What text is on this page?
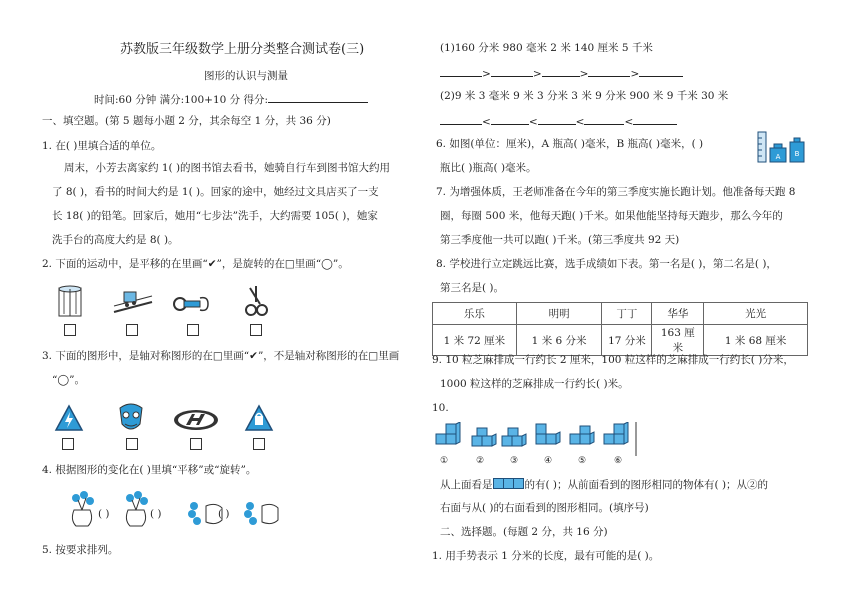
苏教版三年级数学上册分类整合测试卷(三)
图形的认识与测量
时间:60 分钟 满分:100+10 分 得分:
一、填空题。(第 5 题每小题 2 分，其余每空 1 分，共 36 分)
1. 在( )里填合适的单位。
周末，小芳去离家约 1( )的图书馆去看书，她骑自行车到图书馆大约用
了 8( )，看书的时间大约是 1( )。回家的途中，她经过文具店买了一支
长 18( )的铅笔。回家后，她用“七步法”洗手，大约需要 105( )，她家
洗手台的高度大约是 8( )。
2. 下面的运动中，是平移的在里画“✔”，是旋转的在□里画“◯”。
3. 下面的图形中，是轴对称图形的在□里画“✔”，不是轴对称图形的在□里画
“◯”。
4. 根据图形的变化在( )里填“平移”或“旋转”。
( )	( )	( )
5. 按要求排列。
(1)160 分米 980 毫米 2 米 140 厘米 5 千米
>	>	>	>
(2)9 米 3 毫米 9 米 3 分米 3 米 9 分米 900 米 9 千米 30 米
<	<	<	<
6. 如图(单位：厘米)，A 瓶高( )毫米，B 瓶高( )毫米，( )
瓶比( )瓶高( )毫米。
A B
7. 为增强体质，王老师准备在今年的第三季度实施长跑计划。他准备每天跑 8
圈，每圈 500 米，他每天跑( )千米。如果他能坚持每天跑步，那么今年的
第三季度他一共可以跑( )千米。(第三季度共 92 天)
8. 学校进行立定跳远比赛，选手成绩如下表。第一名是( )，第二名是( )，
第三名是( )。
乐乐	明明	丁丁	华华	光光
1 米 72 厘米	1 米 6 分米	17 分米	163 厘米	1 米 68 厘米
9. 10 粒芝麻排成一行约长 2 厘米，100 粒这样的芝麻排成一行约长( )分米，
1000 粒这样的芝麻排成一行约长( )米。
10.
①	②	③	④	⑤	⑥
从上面看是	的有( )；从前面看到的图形相同的物体有( )；从②的
右面与从( )的右面看到的图形相同。(填序号)
二、选择题。(每题 2 分，共 16 分)
1. 用手势表示 1 分米的长度，最有可能的是( )。
